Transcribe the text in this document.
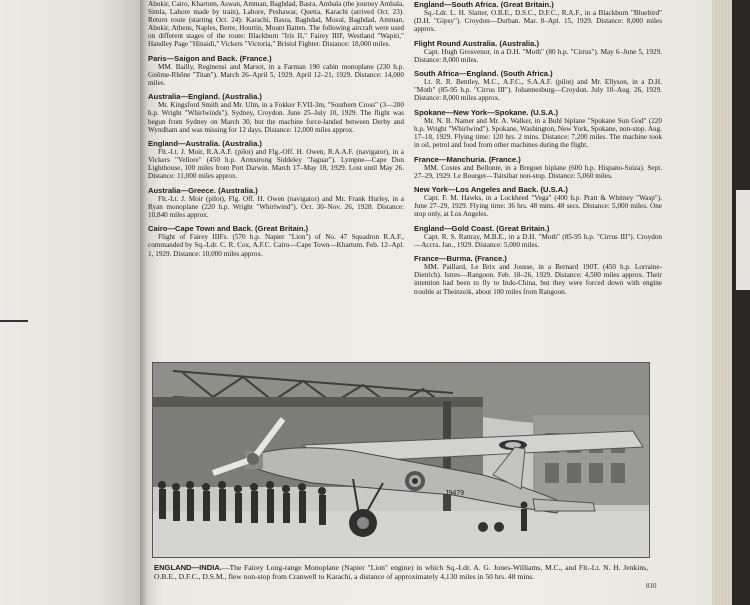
Abukir, Cairo, Khartum, Aswan, Amman, Baghdad, Basra, Ambala (the journey Ambala, Simla, Lahore made by train), Lahore, Peshawar, Quetta, Karachi (arrived Oct. 23). Return route (starting Oct. 24): Karachi, Basra, Baghdad, Mosul, Baghdad, Amman, Abukir, Athens, Naples, Berre, Hourtin, Mount Batten. The following aircraft were used on different stages of the route: Blackburn "Iris II," Fairey IIIF, Westland "Wapiti," Handley Page "Hinaidi," Vickers "Victoria," Bristol Fighter. Distance: 18,000 miles.

Paris—Saigon and Back. (France.)

MM. Bailly, Reginensi and Marsot, in a Farman 190 cabin monoplane (230 h.p. Gnôme-Rhône "Titan"). March 26–April 5, 1929. April 12–21, 1929. Distance: 14,000 miles.

Australia—England. (Australia.)

Mr. Kingsford Smith and Mr. Ulm, in a Fokker F.VII-3m, "Southern Cross" (3—200 h.p. Wright "Whirlwinds"). Sydney, Croydon. June 25–July 10, 1929. The flight was begun from Sydney on March 30, but the machine force-landed between Derby and Wyndham and was missing for 12 days. Distance: 12,000 miles approx.

England—Australia. (Australia.)

Flt.-Lt. J. Moir, R.A.A.F. (pilot) and Flg.-Off. H. Owen, R.A.A.F. (navigator), in a Vickers "Vellore" (450 h.p. Armstrong Siddeley "Jaguar"). Lympne—Cape Don Lighthouse, 100 miles from Port Darwin. March 17–May 18, 1929. Lost until May 26. Distance: 11,000 miles approx.

Australia—Greece. (Australia.)

Flt.-Lt. J. Moir (pilot), Flg. Off. H. Owen (navigator) and Mr. Frank Hurley, in a Ryan monoplane (220 h.p. Wright "Whirlwind"). Oct. 30–Nov. 26, 1928. Distance: 10,840 miles approx.

Cairo—Cape Town and Back. (Great Britain.)

Flight of Fairey IIIFs. (570 h.p. Napier "Lion") of No. 47 Squadron R.A.F., commanded by Sq.-Ldr. C. R. Cox, A.F.C. Cairo—Cape Town—Khartum. Feb. 12–Apl. 1, 1929. Distance: 10,000 miles approx.

England—South Africa. (Great Britain.)

Sq.-Ldr. L. H. Slatter, O.B.E., D.S.C., D.F.C., R.A.F., in a Blackburn "Bluebird" (D.H. "Gipsy"). Croydon—Durban. Mar. 8–Apl. 15, 1929. Distance: 8,000 miles approx.

Flight Round Australia. (Australia.)

Capt. Hugh Grosvenor, in a D.H. "Moth" (80 h.p. "Cirrus"). May 6–June 5, 1929. Distance: 8,000 miles.

South Africa—England. (South Africa.)

Lt. R. R. Bentley, M.C., A.F.C., S.A.A.F. (pilot) and Mr. Ellyson, in a D.H. "Moth" (85-95 h.p. "Cirrus III"). Johannesburg—Croydon. July 10–Aug. 26, 1929. Distance: 8,000 miles approx.

Spokane—New York—Spokane. (U.S.A.)

Mr. N. B. Namer and Mr. A. Walker, in a Buhl biplane "Spokane Sun God" (220 h.p. Wright "Whirlwind"). Spokane, Washington, New York, Spokane, non-stop. Aug. 17–18, 1929. Flying time: 120 hrs. 2 mins. Distance: 7,200 miles. The machine took in oil, petrol and food from other machines during the flight.

France—Manchuria. (France.)

MM. Costes and Bellonte, in a Breguet biplane (600 h.p. Hispano-Suiza). Sept. 27–29, 1929. Le Bourget—Tsitsihar non-stop. Distance: 5,060 miles.

New York—Los Angeles and Back. (U.S.A.)

Capt. F. M. Hawks, in a Lockheed "Vega" (400 h.p. Pratt & Whitney "Wasp"). June 27–29, 1929. Flying time: 36 hrs. 48 mins. 48 secs. Distance: 5,000 miles. One stop only, at Los Angeles.

England—Gold Coast. (Great Britain.)

Capt. R. S. Rattray, M.B.E., in a D.H. "Moth" (85-95 h.p. "Cirrus III"). Croydon—Accra. Jan., 1929. Distance: 5,000 miles.

France—Burma. (France.)

MM. Paillard, Le Brix and Jousse, in a Bernard 190T. (450 h.p. Lorraine-Dietrich). Istres—Rangoon. Feb. 18–26, 1929. Distance: 4,500 miles approx. Their intention had been to fly to Indo-China, but they were forced down with engine trouble at Theinzeik, about 100 miles from Rangoon.

J9479
ENGLAND—INDIA.—The Fairey Long-range Monoplane (Napier "Lion" engine) in which Sq.-Ldr. A. G. Jones-Williams, M.C., and Flt.-Lt. N. H. Jenkins, O.B.E., D.F.C., D.S.M., flew non-stop from Cranwell to Karachi, a distance of approximately 4,130 miles in 50 hrs. 48 mins.
810
